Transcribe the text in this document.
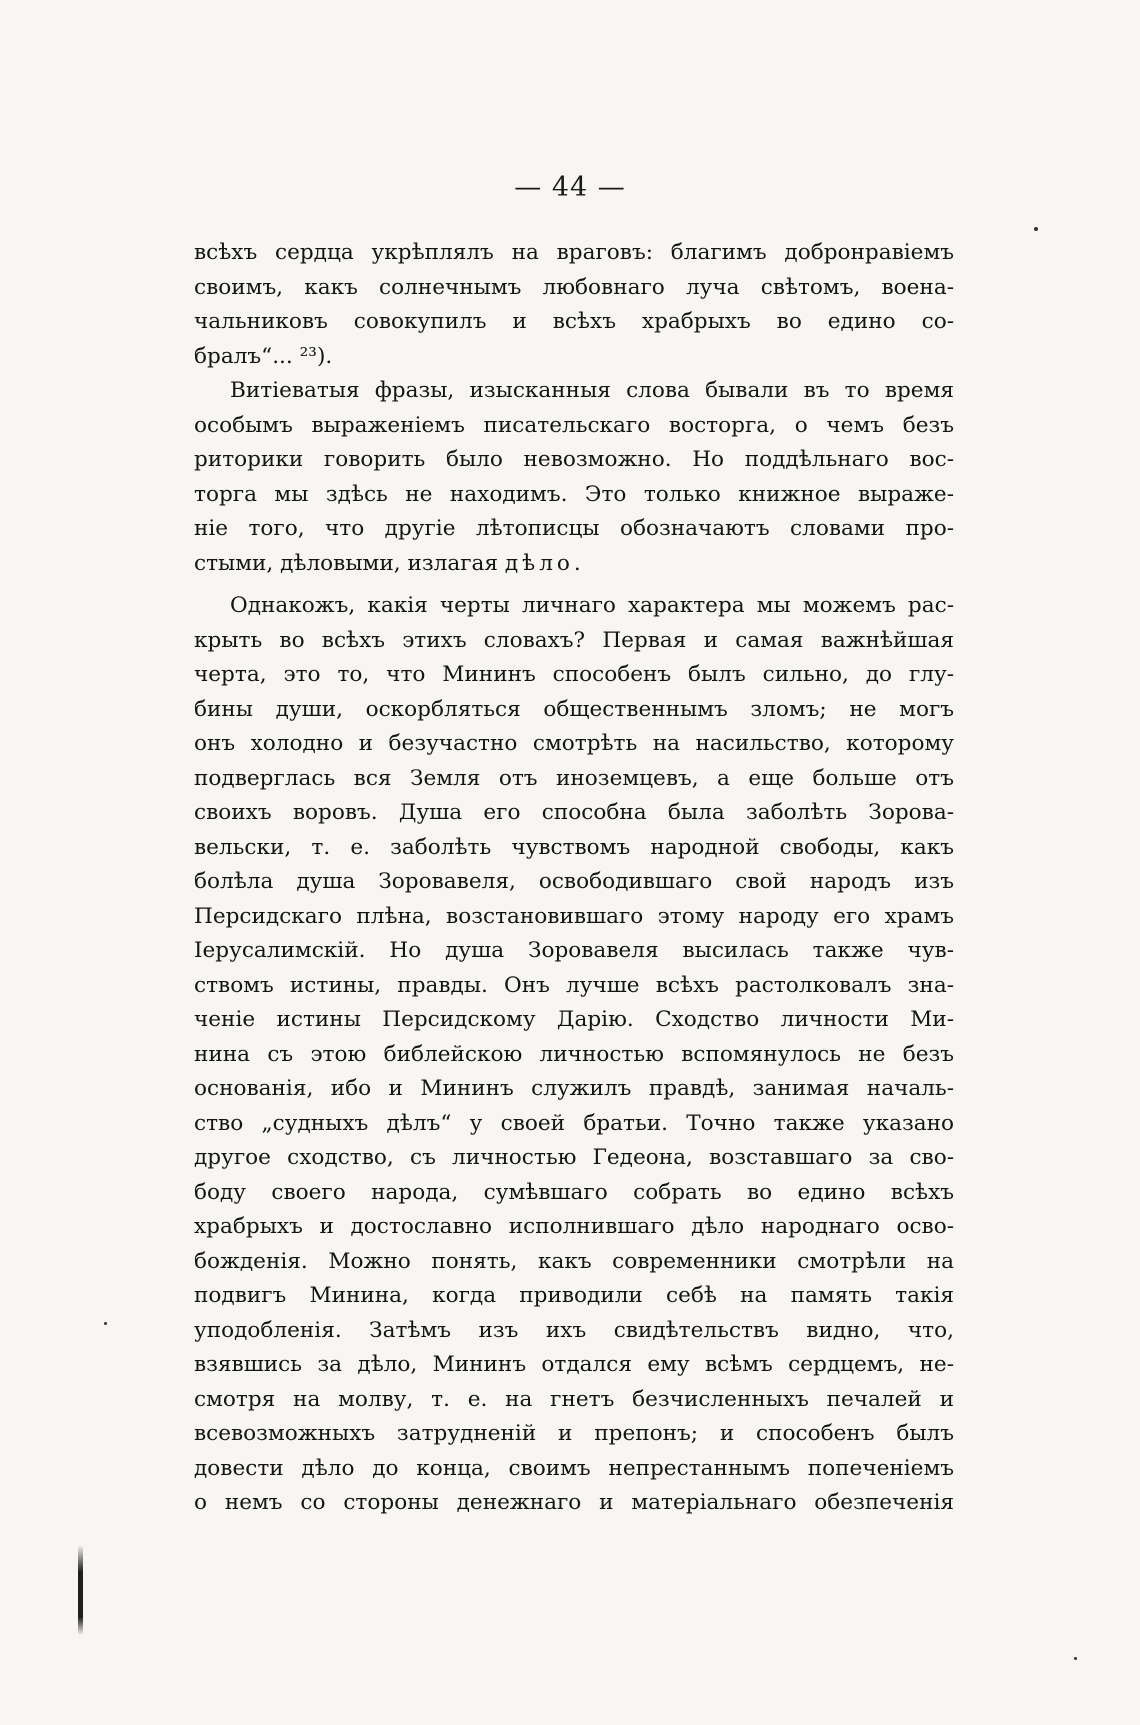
— 44 —
всѣхъ сердца укрѣплялъ на враговъ: благимъ добронравіемъ
своимъ, какъ солнечнымъ любовнаго луча свѣтомъ, воена-
чальниковъ совокупилъ и всѣхъ храбрыхъ во едино со-
бралъ“... ²³).
Витіеватыя фразы, изысканныя слова бывали въ то время
особымъ выраженіемъ писательскаго восторга, о чемъ безъ
риторики говорить было невозможно. Но поддѣльнаго вос-
торга мы здѣсь не находимъ. Это только книжное выраже-
ніе того, что другіе лѣтописцы обозначаютъ словами про-
стыми, дѣловыми, излагая дѣло.
Однакожъ, какія черты личнаго характера мы можемъ рас-
крыть во всѣхъ этихъ словахъ? Первая и самая важнѣйшая
черта, это то, что Mининъ способенъ былъ сильно, до глу-
бины души, оскорбляться общественнымъ зломъ; не могъ
онъ холодно и безучастно смотрѣть на насильство, которому
подверглась вся Земля отъ иноземцевъ, а еще больше отъ
своихъ воровъ. Душа его способна была заболѣть Зорова-
вельски, т. е. заболѣть чувствомъ народной свободы, какъ
болѣла душа Зоровавеля, освободившаго свой народъ изъ
Персидскаго плѣна, возстановившаго этому народу его храмъ
Іерусалимскій. Но душа Зоровавеля высилась также чув-
ствомъ истины, правды. Онъ лучше всѣхъ растолковалъ зна-
ченіе истины Персидскому Дарію. Сходство личности Ми-
нина съ этою библейскою личностью вспомянулось не безъ
основанія, ибо и Mининъ служилъ правдѣ, занимая началь-
ство „судныхъ дѣлъ“ у своей братьи. Точно также указано
другое сходство, съ личностью Гедеона, возставшаго за сво-
боду своего народа, сумѣвшаго собрать во едино всѣхъ
храбрыхъ и достославно исполнившаго дѣло народнаго осво-
божденія. Можно понять, какъ современники смотрѣли на
подвигъ Минина, когда приводили себѣ на память такія
уподобленія. Затѣмъ изъ ихъ свидѣтельствъ видно, что,
взявшись за дѣло, Mининъ отдался ему всѣмъ сердцемъ, не-
смотря на молву, т. е. на гнетъ безчисленныхъ печалей и
всевозможныхъ затрудненій и препонъ; и способенъ былъ
довести дѣло до конца, своимъ непрестаннымъ попеченіемъ
о немъ со стороны денежнаго и матеріальнаго обезпеченія
